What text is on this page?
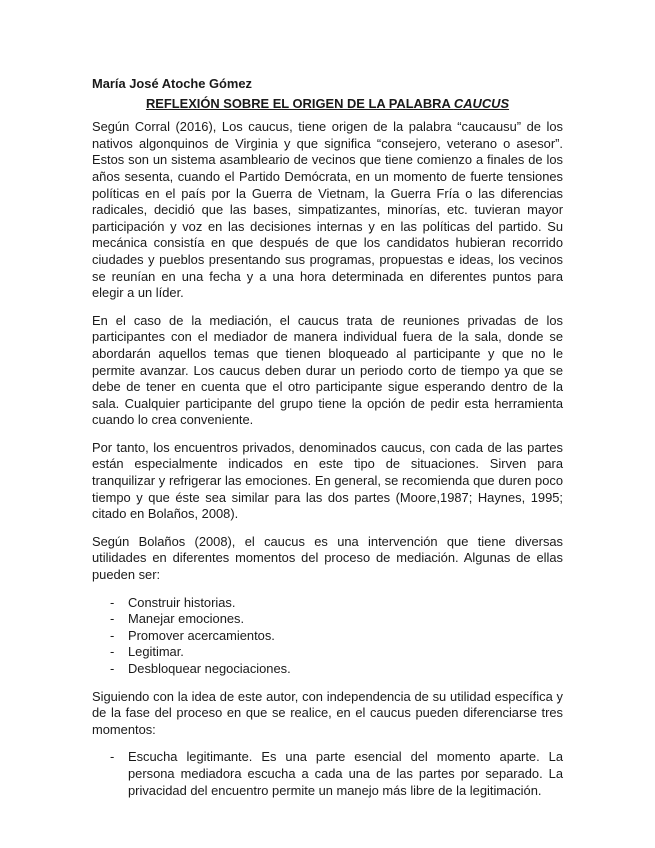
María José Atoche Gómez
REFLEXIÓN SOBRE EL ORIGEN DE LA PALABRA CAUCUS

Según Corral (2016), Los caucus, tiene origen de la palabra “caucausu” de los nativos algonquinos de Virginia y que significa “consejero, veterano o asesor”. Estos son un sistema asambleario de vecinos que tiene comienzo a finales de los años sesenta, cuando el Partido Demócrata, en un momento de fuerte tensiones políticas en el país por la Guerra de Vietnam, la Guerra Fría o las diferencias radicales, decidió que las bases, simpatizantes, minorías, etc. tuvieran mayor participación y voz en las decisiones internas y en las políticas del partido. Su mecánica consistía en que después de que los candidatos hubieran recorrido ciudades y pueblos presentando sus programas, propuestas e ideas, los vecinos se reunían en una fecha y a una hora determinada en diferentes puntos para elegir a un líder.

En el caso de la mediación, el caucus trata de reuniones privadas de los participantes con el mediador de manera individual fuera de la sala, donde se abordarán aquellos temas que tienen bloqueado al participante y que no le permite avanzar. Los caucus deben durar un periodo corto de tiempo ya que se debe de tener en cuenta que el otro participante sigue esperando dentro de la sala. Cualquier participante del grupo tiene la opción de pedir esta herramienta cuando lo crea conveniente.

Por tanto, los encuentros privados, denominados caucus, con cada de las partes están especialmente indicados en este tipo de situaciones. Sirven para tranquilizar y refrigerar las emociones. En general, se recomienda que duren poco tiempo y que éste sea similar para las dos partes (Moore,1987; Haynes, 1995; citado en Bolaños, 2008).

Según Bolaños (2008), el caucus es una intervención que tiene diversas utilidades en diferentes momentos del proceso de mediación. Algunas de ellas pueden ser:

-	Construir historias.
-	Manejar emociones.
-	Promover acercamientos.
-	Legitimar.
-	Desbloquear negociaciones.

Siguiendo con la idea de este autor, con independencia de su utilidad específica y de la fase del proceso en que se realice, en el caucus pueden diferenciarse tres momentos:

-	Escucha legitimante. Es una parte esencial del momento aparte. La persona mediadora escucha a cada una de las partes por separado. La privacidad del encuentro permite un manejo más libre de la legitimación.
